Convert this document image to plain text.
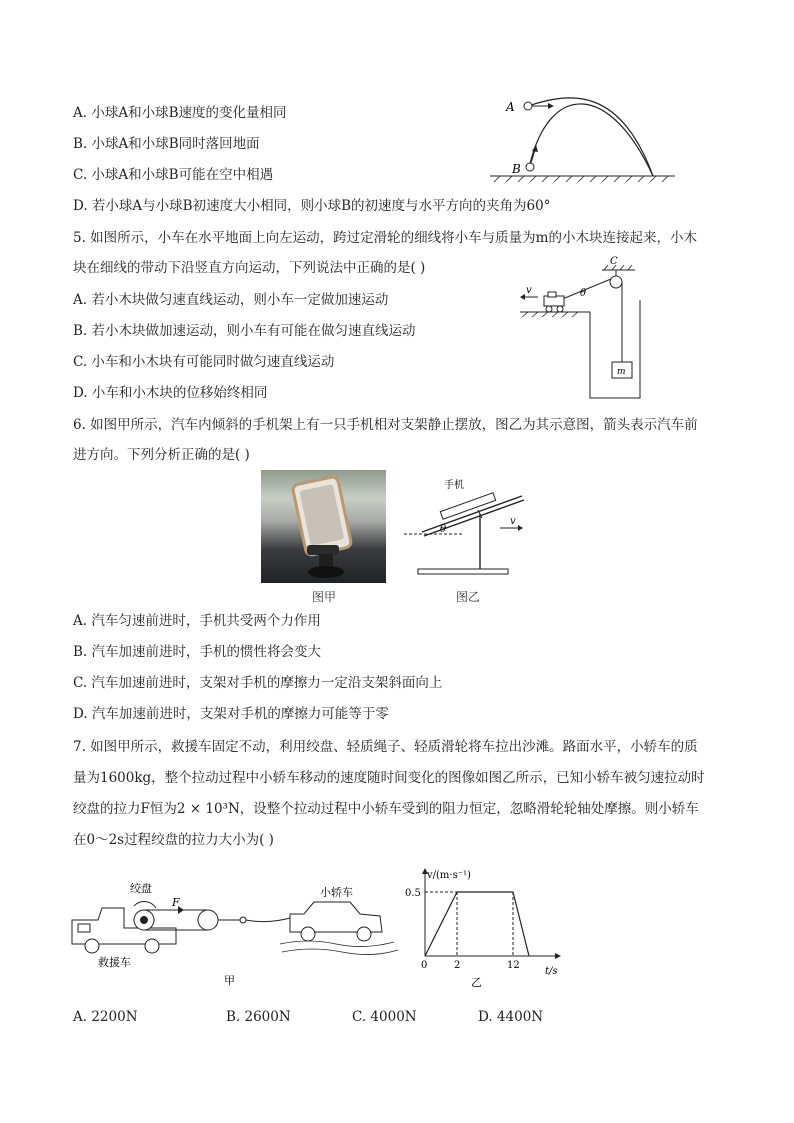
A. 小球A和小球B速度的变化量相同
B. 小球A和小球B同时落回地面
C. 小球A和小球B可能在空中相遇
D. 若小球A与小球B初速度大小相同，则小球B的初速度与水平方向的夹角为60°
A
B
5. 如图所示，小车在水平地面上向左运动，跨过定滑轮的细线将小车与质量为m的小木块连接起来，小木
块在细线的带动下沿竖直方向运动，下列说法中正确的是( )
A. 若小木块做匀速直线运动，则小车一定做加速运动
B. 若小木块做加速运动，则小车有可能在做匀速直线运动
C. 小车和小木块有可能同时做匀速直线运动
D. 小车和小木块的位移始终相同
C
v	θ
m
6. 如图甲所示，汽车内倾斜的手机架上有一只手机相对支架静止摆放，图乙为其示意图，箭头表示汽车前
进方向。下列分析正确的是( )
手机
θ
v
图甲	图乙
A. 汽车匀速前进时，手机共受两个力作用
B. 汽车加速前进时，手机的惯性将会变大
C. 汽车加速前进时，支架对手机的摩擦力一定沿支架斜面向上
D. 汽车加速前进时，支架对手机的摩擦力可能等于零
7. 如图甲所示，救援车固定不动，利用绞盘、轻质绳子、轻质滑轮将车拉出沙滩。路面水平，小轿车的质
量为1600kg，整个拉动过程中小轿车移动的速度随时间变化的图像如图乙所示，已知小轿车被匀速拉动时
绞盘的拉力F恒为2 × 10³N，设整个拉动过程中小轿车受到的阻力恒定，忽略滑轮轮轴处摩擦。则小轿车
在0～2s过程绞盘的拉力大小为( )
绞盘
F
小轿车
救援车
甲
v/(m·s⁻¹)
t/s
0.5
0	2	12
乙
A. 2200N	B. 2600N	C. 4000N	D. 4400N
